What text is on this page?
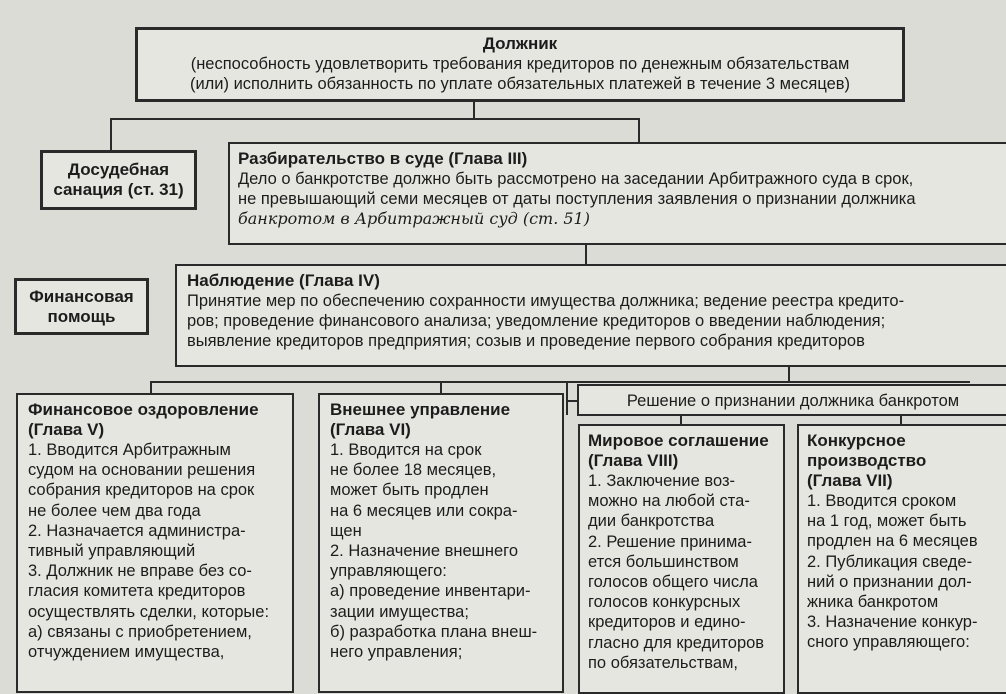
Должник
(неспособность удовлетворить требования кредиторов по денежным обязательствам
(или) исполнить обязанность по уплате обязательных платежей в течение 3 месяцев)
Досудебная
санация (ст. 31)
Разбирательство в суде (Глава III)
Дело о банкротстве должно быть рассмотрено на заседании Арбитражного суда в срок,
не превышающий семи месяцев от даты поступления заявления о признании должника
банкротом в Арбитражный суд (ст. 51)
Финансовая
помощь
Наблюдение (Глава IV)
Принятие мер по обеспечению сохранности имущества должника; ведение реестра кредито-
ров; проведение финансового анализа; уведомление кредиторов о введении наблюдения;
выявление кредиторов предприятия; созыв и проведение первого собрания кредиторов
Решение о признании должника банкротом
Финансовое оздоровление
(Глава V)
1. Вводится Арбитражным
судом на основании решения
собрания кредиторов на срок
не более чем два года
2. Назначается администра-
тивный управляющий
3. Должник не вправе без со-
гласия комитета кредиторов
осуществлять сделки, которые:
а) связаны с приобретением,
отчуждением имущества,
Внешнее управление
(Глава VI)
1. Вводится на срок
не более 18 месяцев,
может быть продлен
на 6 месяцев или сокра-
щен
2. Назначение внешнего
управляющего:
а) проведение инвентари-
зации имущества;
б) разработка плана внеш-
него управления;
Мировое соглашение
(Глава VIII)
1. Заключение воз-
можно на любой ста-
дии банкротства
2. Решение принима-
ется большинством
голосов общего числа
голосов конкурсных
кредиторов и едино-
гласно для кредиторов
по обязательствам,
Конкурсное
производство
(Глава VII)
1. Вводится сроком
на 1 год, может быть
продлен на 6 месяцев
2. Публикация сведе-
ний о признании дол-
жника банкротом
3. Назначение конкур-
сного управляющего:
